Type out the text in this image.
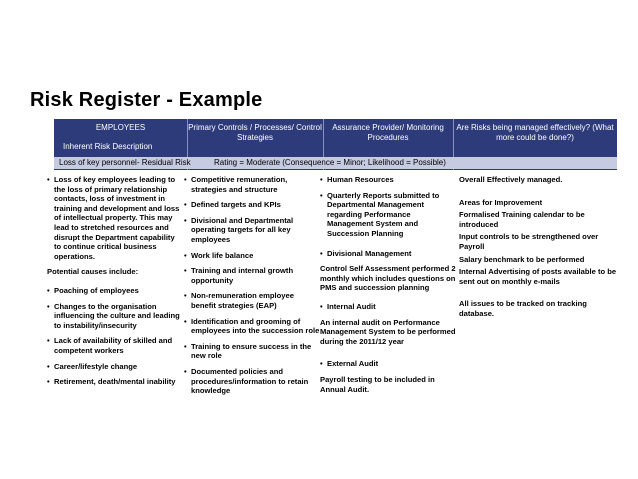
Risk Register - Example
EMPLOYEES
Inherent Risk Description
Primary Controls / Processes/ Control Strategies
Assurance Provider/ Monitoring Procedures
Are Risks being managed effectively? (What more could be done?)
Loss of key personnel- Residual Risk	Rating = Moderate (Consequence = Minor; Likelihood = Possible)
• Loss of key employees leading to the loss of primary relationship contacts, loss of investment in training and development and loss of intellectual property. This may lead to stretched resources and disrupt the Department capability to continue critical business operations.

Potential causes include:

• Poaching of employees
• Changes to the organisation influencing the culture and leading to instability/insecurity
• Lack of availability of skilled and competent workers
• Career/lifestyle change
• Retirement, death/mental inability
• Competitive remuneration, strategies and structure
• Defined targets and KPIs
• Divisional and Departmental operating targets for all key employees
• Work life balance
• Training and internal growth opportunity
• Non-remuneration employee benefit strategies (EAP)
• Identification and grooming of employees into the succession role
• Training to ensure success in the new role
• Documented policies and procedures/information to retain knowledge
• Human Resources
• Quarterly Reports submitted to Departmental Management regarding Performance Management System and Succession Planning
• Divisional Management

Control Self Assessment performed 2 monthly which includes questions on PMS and succession planning

• Internal Audit

An internal audit on Performance Management System to be performed during the 2011/12 year

• External Audit

Payroll testing to be included in Annual Audit.

Overall Effectively managed.

Areas for Improvement

Formalised Training calendar to be introduced

Input controls to be strengthened over Payroll

Salary benchmark to be performed

Internal Advertising of posts available to be sent out on monthly e-mails

All issues to be tracked on tracking database.
